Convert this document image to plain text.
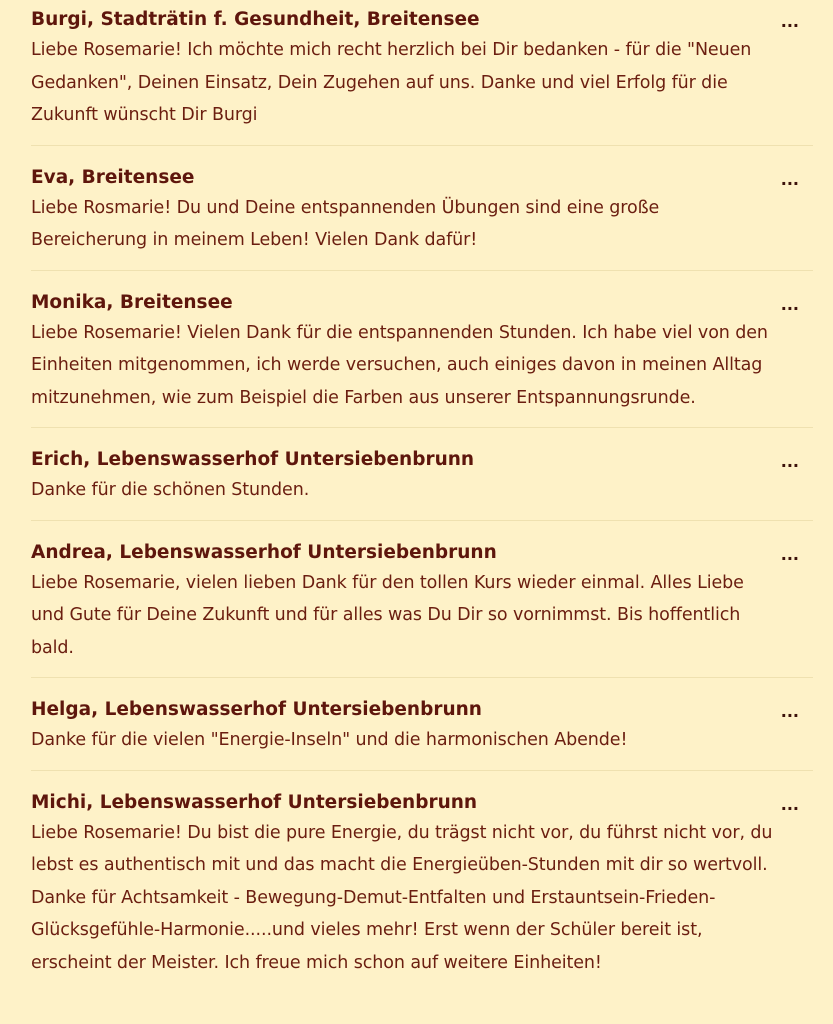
Burgi, Stadträtin f. Gesundheit, Breitensee	...

Liebe Rosemarie! Ich möchte mich recht herzlich bei Dir bedanken - für die "Neuen Gedanken", Deinen Einsatz, Dein Zugehen auf uns. Danke und viel Erfolg für die Zukunft wünscht Dir Burgi

Eva, Breitensee	...

Liebe Rosmarie! Du und Deine entspannenden Übungen sind eine große Bereicherung in meinem Leben! Vielen Dank dafür!

Monika, Breitensee	...

Liebe Rosemarie! Vielen Dank für die entspannenden Stunden. Ich habe viel von den Einheiten mitgenommen, ich werde versuchen, auch einiges davon in meinen Alltag mitzunehmen, wie zum Beispiel die Farben aus unserer Entspannungsrunde.

Erich, Lebenswasserhof Untersiebenbrunn	...

Danke für die schönen Stunden.

Andrea, Lebenswasserhof Untersiebenbrunn	...

Liebe Rosemarie, vielen lieben Dank für den tollen Kurs wieder einmal. Alles Liebe und Gute für Deine Zukunft und für alles was Du Dir so vornimmst. Bis hoffentlich bald.

Helga, Lebenswasserhof Untersiebenbrunn	...

Danke für die vielen "Energie-Inseln" und die harmonischen Abende!

Michi, Lebenswasserhof Untersiebenbrunn	...

Liebe Rosemarie! Du bist die pure Energie, du trägst nicht vor, du führst nicht vor, du lebst es authentisch mit und das macht die Energieüben-Stunden mit dir so wertvoll. Danke für Achtsamkeit - Bewegung-Demut-Entfalten und Erstauntsein-Frieden-Glücksgefühle-Harmonie.....und vieles mehr! Erst wenn der Schüler bereit ist, erscheint der Meister. Ich freue mich schon auf weitere Einheiten!
